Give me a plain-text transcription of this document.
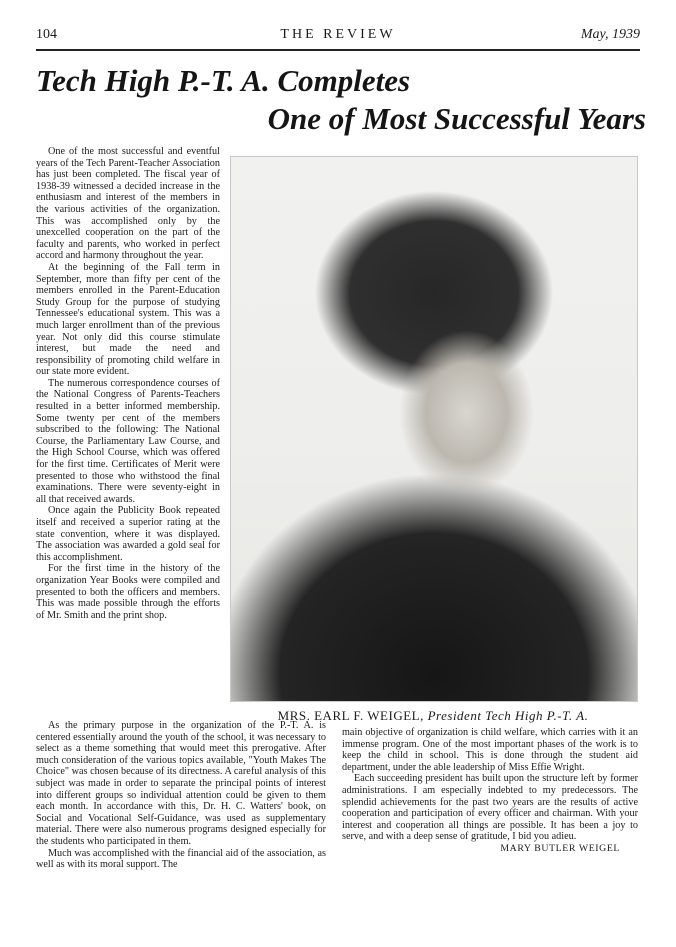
104	THE REVIEW	May, 1939
Tech High P.-T. A. Completes
One of Most Successful Years

One of the most successful and eventful years of the Tech Parent-Teacher Association has just been completed. The fiscal year of 1938-39 witnessed a decided increase in the enthusiasm and interest of the members in the various activities of the organization. This was accomplished only by the unexcelled cooperation on the part of the faculty and parents, who worked in perfect accord and harmony throughout the year.

At the beginning of the Fall term in September, more than fifty per cent of the members enrolled in the Parent-Education Study Group for the purpose of studying Tennessee's educational system. This was a much larger enrollment than of the previous year. Not only did this course stimulate interest, but made the need and responsibility of promoting child welfare in our state more evident.

The numerous correspondence courses of the National Congress of Parents-Teachers resulted in a better informed membership. Some twenty per cent of the members subscribed to the following: The National Course, the Parliamentary Law Course, and the High School Course, which was offered for the first time. Certificates of Merit were presented to those who withstood the final examinations. There were seventy-eight in all that received awards.

Once again the Publicity Book repeated itself and received a superior rating at the state convention, where it was displayed. The association was awarded a gold seal for this accomplishment.

For the first time in the history of the organization Year Books were compiled and presented to both the officers and members. This was made possible through the efforts of Mr. Smith and the print shop.

MRS. EARL F. WEIGEL, President Tech High P.-T. A.

As the primary purpose in the organization of the P.-T. A. is centered essentially around the youth of the school, it was necessary to select as a theme something that would meet this prerogative. After much consideration of the various topics available, "Youth Makes The Choice" was chosen because of its directness. A careful analysis of this subject was made in order to separate the principal points of interest into different groups so individual attention could be given to them each month. In accordance with this, Dr. H. C. Watters' book, on Social and Vocational Self-Guidance, was used as supplementary material. There were also numerous programs designed especially for the students who participated in them.

Much was accomplished with the financial aid of the association, as well as with its moral support. The

main objective of organization is child welfare, which carries with it an immense program. One of the most important phases of the work is to keep the child in school. This is done through the student aid department, under the able leadership of Miss Effie Wright.

Each succeeding president has built upon the structure left by former administrations. I am especially indebted to my predecessors. The splendid achievements for the past two years are the results of active cooperation and participation of every officer and chairman. With your interest and cooperation all things are possible. It has been a joy to serve, and with a deep sense of gratitude, I bid you adieu.

MARY BUTLER WEIGEL
